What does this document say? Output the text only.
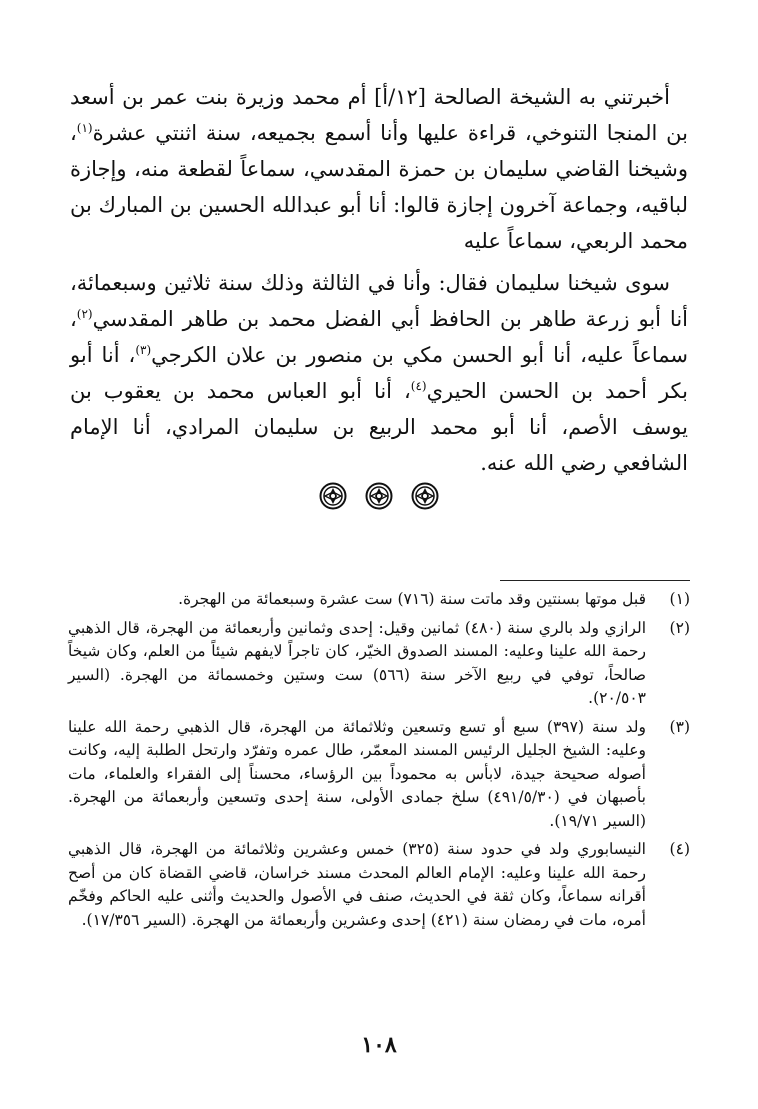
أخبرتني به الشيخة الصالحة [١٢/أ] أم محمد وزيرة بنت عمر بن أسعد بن المنجا التنوخي، قراءة عليها وأنا أسمع بجميعه، سنة اثنتي عشرة$^{(١)}$، وشيخنا القاضي سليمان بن حمزة المقدسي، سماعاً لقطعة منه، وإجازة لباقيه، وجماعة آخرون إجازة قالوا: أنا أبو عبدالله الحسين بن المبارك بن محمد الربعي، سماعاً عليه

سوى شيخنا سليمان فقال: وأنا في الثالثة وذلك سنة ثلاثين وسبعمائة، أنا أبو زرعة طاهر بن الحافظ أبي الفضل محمد بن طاهر المقدسي$^{(٢)}$، سماعاً عليه، أنا أبو الحسن مكي بن منصور بن علان الكرجي$^{(٣)}$، أنا أبو بكر أحمد بن الحسن الحيري$^{(٤)}$، أنا أبو العباس محمد بن يعقوب بن يوسف الأصم، أنا أبو محمد الربيع بن سليمان المرادي، أنا الإمام الشافعي رضي الله عنه.

(١)
قبل موتها بسنتين وقد ماتت سنة (٧١٦) ست عشرة وسبعمائة من الهجرة.
(٢)
الرازي ولد بالري سنة (٤٨٠) ثمانين وقيل: إحدى وثمانين وأربعمائة من الهجرة، قال الذهبي رحمة الله علينا وعليه: المسند الصدوق الخيّر، كان تاجراً لايفهم شيئاً من العلم، وكان شيخاً صالحاً، توفي في ربيع الآخر سنة (٥٦٦) ست وستين وخمسمائة من الهجرة. (السير ٢٠/٥٠٣).
(٣)
ولد سنة (٣٩٧) سبع أو تسع وتسعين وثلاثمائة من الهجرة، قال الذهبي رحمة الله علينا وعليه: الشيخ الجليل الرئيس المسند المعمّر، طال عمره وتفرّد وارتحل الطلبة إليه، وكانت أصوله صحيحة جيدة، لابأس به محموداً بين الرؤساء، محسناً إلى الفقراء والعلماء، مات بأصبهان في (٤٩١/٥/٣٠) سلخ جمادى الأولى، سنة إحدى وتسعين وأربعمائة من الهجرة. (السير ١٩/٧١).
(٤)
النيسابوري ولد في حدود سنة (٣٢٥) خمس وعشرين وثلاثمائة من الهجرة، قال الذهبي رحمة الله علينا وعليه: الإمام العالم المحدث مسند خراسان، قاضي القضاة كان من أصح أقرانه سماعاً، وكان ثقة في الحديث، صنف في الأصول والحديث وأثنى عليه الحاكم وفخّم أمره، مات في رمضان سنة (٤٢١) إحدى وعشرين وأربعمائة من الهجرة. (السير ١٧/٣٥٦).
١٠٨
